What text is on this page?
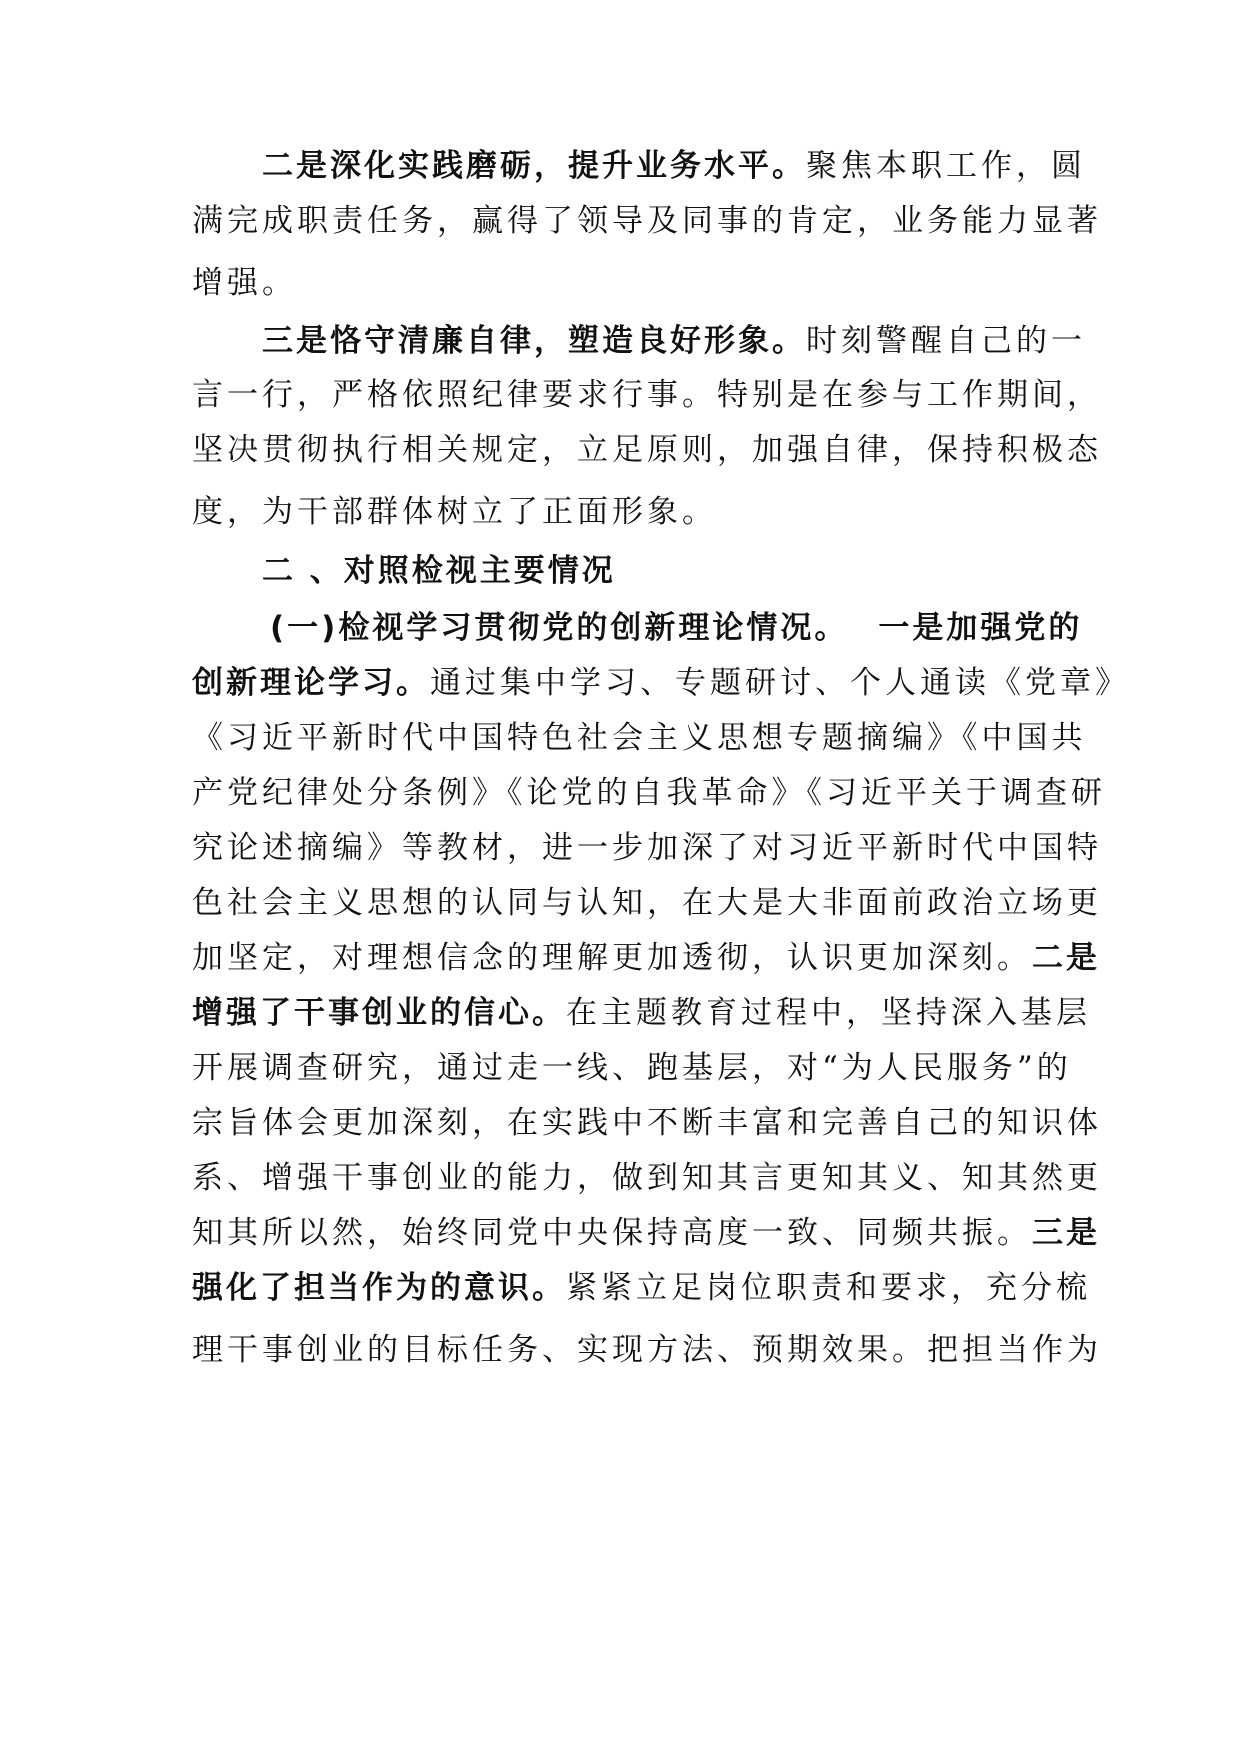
二是深化实践磨砺，提升业务水平。聚焦本职工作，圆
满完成职责任务，赢得了领导及同事的肯定，业务能力显著
增强。
三是恪守清廉自律，塑造良好形象。时刻警醒自己的一
言一行，严格依照纪律要求行事。特别是在参与工作期间，
坚决贯彻执行相关规定，立足原则，加强自律，保持积极态
度，为干部群体树立了正面形象。
二 、对照检视主要情况
(一)检视学习贯彻党的创新理论情况。 一是加强党的
创新理论学习。通过集中学习、专题研讨、个人通读《党章》
《习近平新时代中国特色社会主义思想专题摘编》《中国共
产党纪律处分条例》《论党的自我革命》《习近平关于调查研
究论述摘编》等教材，进一步加深了对习近平新时代中国特
色社会主义思想的认同与认知，在大是大非面前政治立场更
加坚定，对理想信念的理解更加透彻，认识更加深刻。二是
增强了干事创业的信心。在主题教育过程中，坚持深入基层
开展调查研究，通过走一线、跑基层，对“为人民服务”的
宗旨体会更加深刻，在实践中不断丰富和完善自己的知识体
系、增强干事创业的能力，做到知其言更知其义、知其然更
知其所以然，始终同党中央保持高度一致、同频共振。三是
强化了担当作为的意识。紧紧立足岗位职责和要求，充分梳
理干事创业的目标任务、实现方法、预期效果。把担当作为
